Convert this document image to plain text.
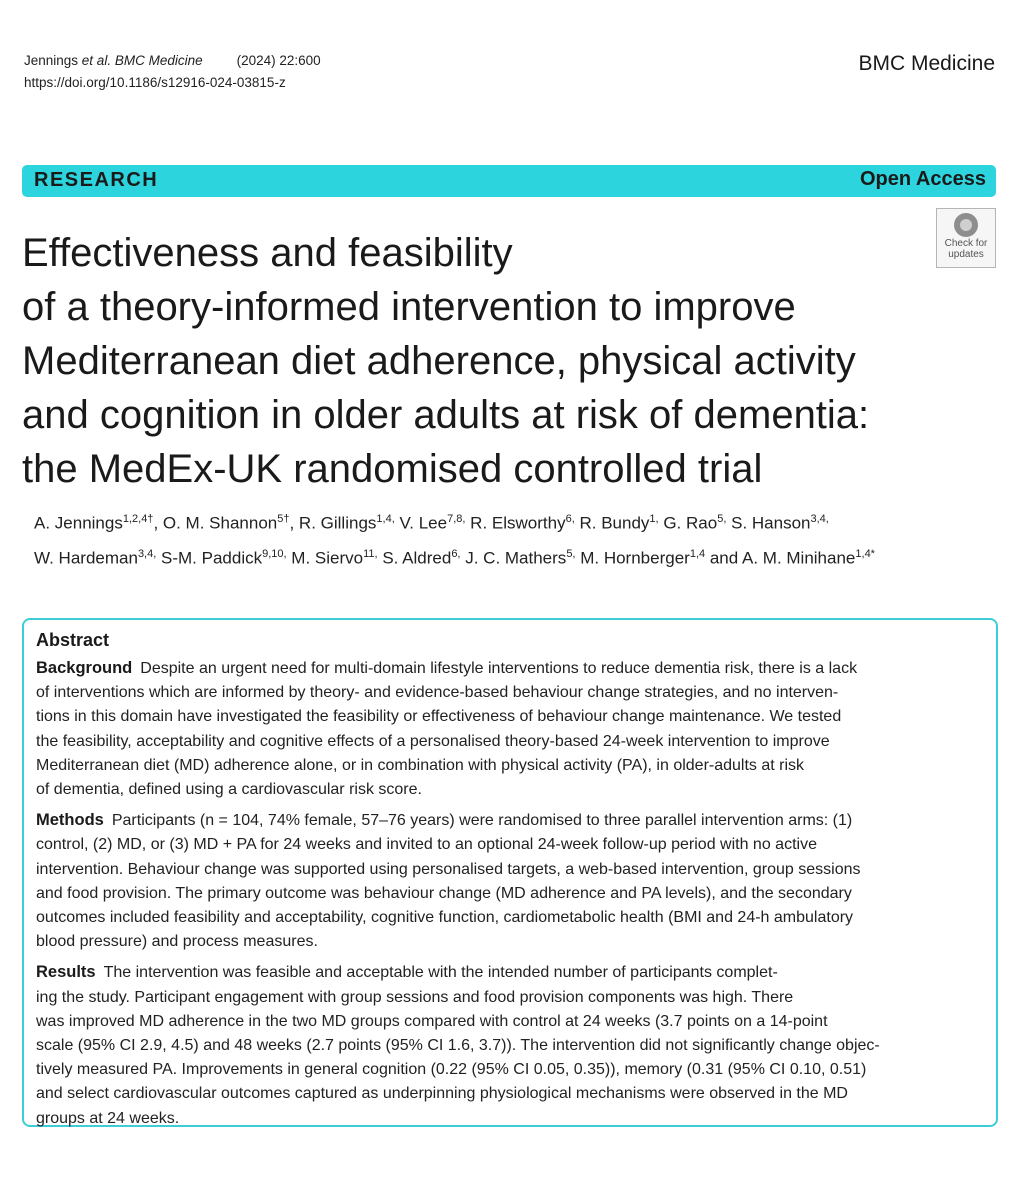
Jennings et al. BMC Medicine	(2024) 22:600
https://doi.org/10.1186/s12916-024-03815-z
BMC Medicine
RESEARCH	Open Access
Check for
updates
Effectiveness and feasibility
of a theory-informed intervention to improve
Mediterranean diet adherence, physical activity
and cognition in older adults at risk of dementia:
the MedEx-UK randomised controlled trial
A. Jennings$^{1,2,4\dagger}$, O. M. Shannon$^{5\dagger}$, R. Gillings$^{1,4,}$ V. Lee$^{7,8,}$ R. Elsworthy$^{6,}$ R. Bundy$^{1,}$ G. Rao$^{5,}$ S. Hanson$^{3,4,}$
W. Hardeman$^{3,4,}$ S-M. Paddick$^{9,10,}$ M. Siervo$^{11,}$ S. Aldred$^{6,}$ J. C. Mathers$^{5,}$ M. Hornberger$^{1,4}$ and A. M. Minihane$^{1,4*}$
Abstract

Background Despite an urgent need for multi-domain lifestyle interventions to reduce dementia risk, there is a lack
of interventions which are informed by theory- and evidence-based behaviour change strategies, and no interven-
tions in this domain have investigated the feasibility or effectiveness of behaviour change maintenance. We tested
the feasibility, acceptability and cognitive effects of a personalised theory-based 24-week intervention to improve
Mediterranean diet (MD) adherence alone, or in combination with physical activity (PA), in older-adults at risk
of dementia, defined using a cardiovascular risk score.

Methods Participants (n = 104, 74% female, 57–76 years) were randomised to three parallel intervention arms: (1)
control, (2) MD, or (3) MD + PA for 24 weeks and invited to an optional 24-week follow-up period with no active
intervention. Behaviour change was supported using personalised targets, a web-based intervention, group sessions
and food provision. The primary outcome was behaviour change (MD adherence and PA levels), and the secondary
outcomes included feasibility and acceptability, cognitive function, cardiometabolic health (BMI and 24-h ambulatory
blood pressure) and process measures.

Results The intervention was feasible and acceptable with the intended number of participants complet-
ing the study. Participant engagement with group sessions and food provision components was high. There
was improved MD adherence in the two MD groups compared with control at 24 weeks (3.7 points on a 14-point
scale (95% CI 2.9, 4.5) and 48 weeks (2.7 points (95% CI 1.6, 3.7)). The intervention did not significantly change objec-
tively measured PA. Improvements in general cognition (0.22 (95% CI 0.05, 0.35)), memory (0.31 (95% CI 0.10, 0.51)
and select cardiovascular outcomes captured as underpinning physiological mechanisms were observed in the MD
groups at 24 weeks.
